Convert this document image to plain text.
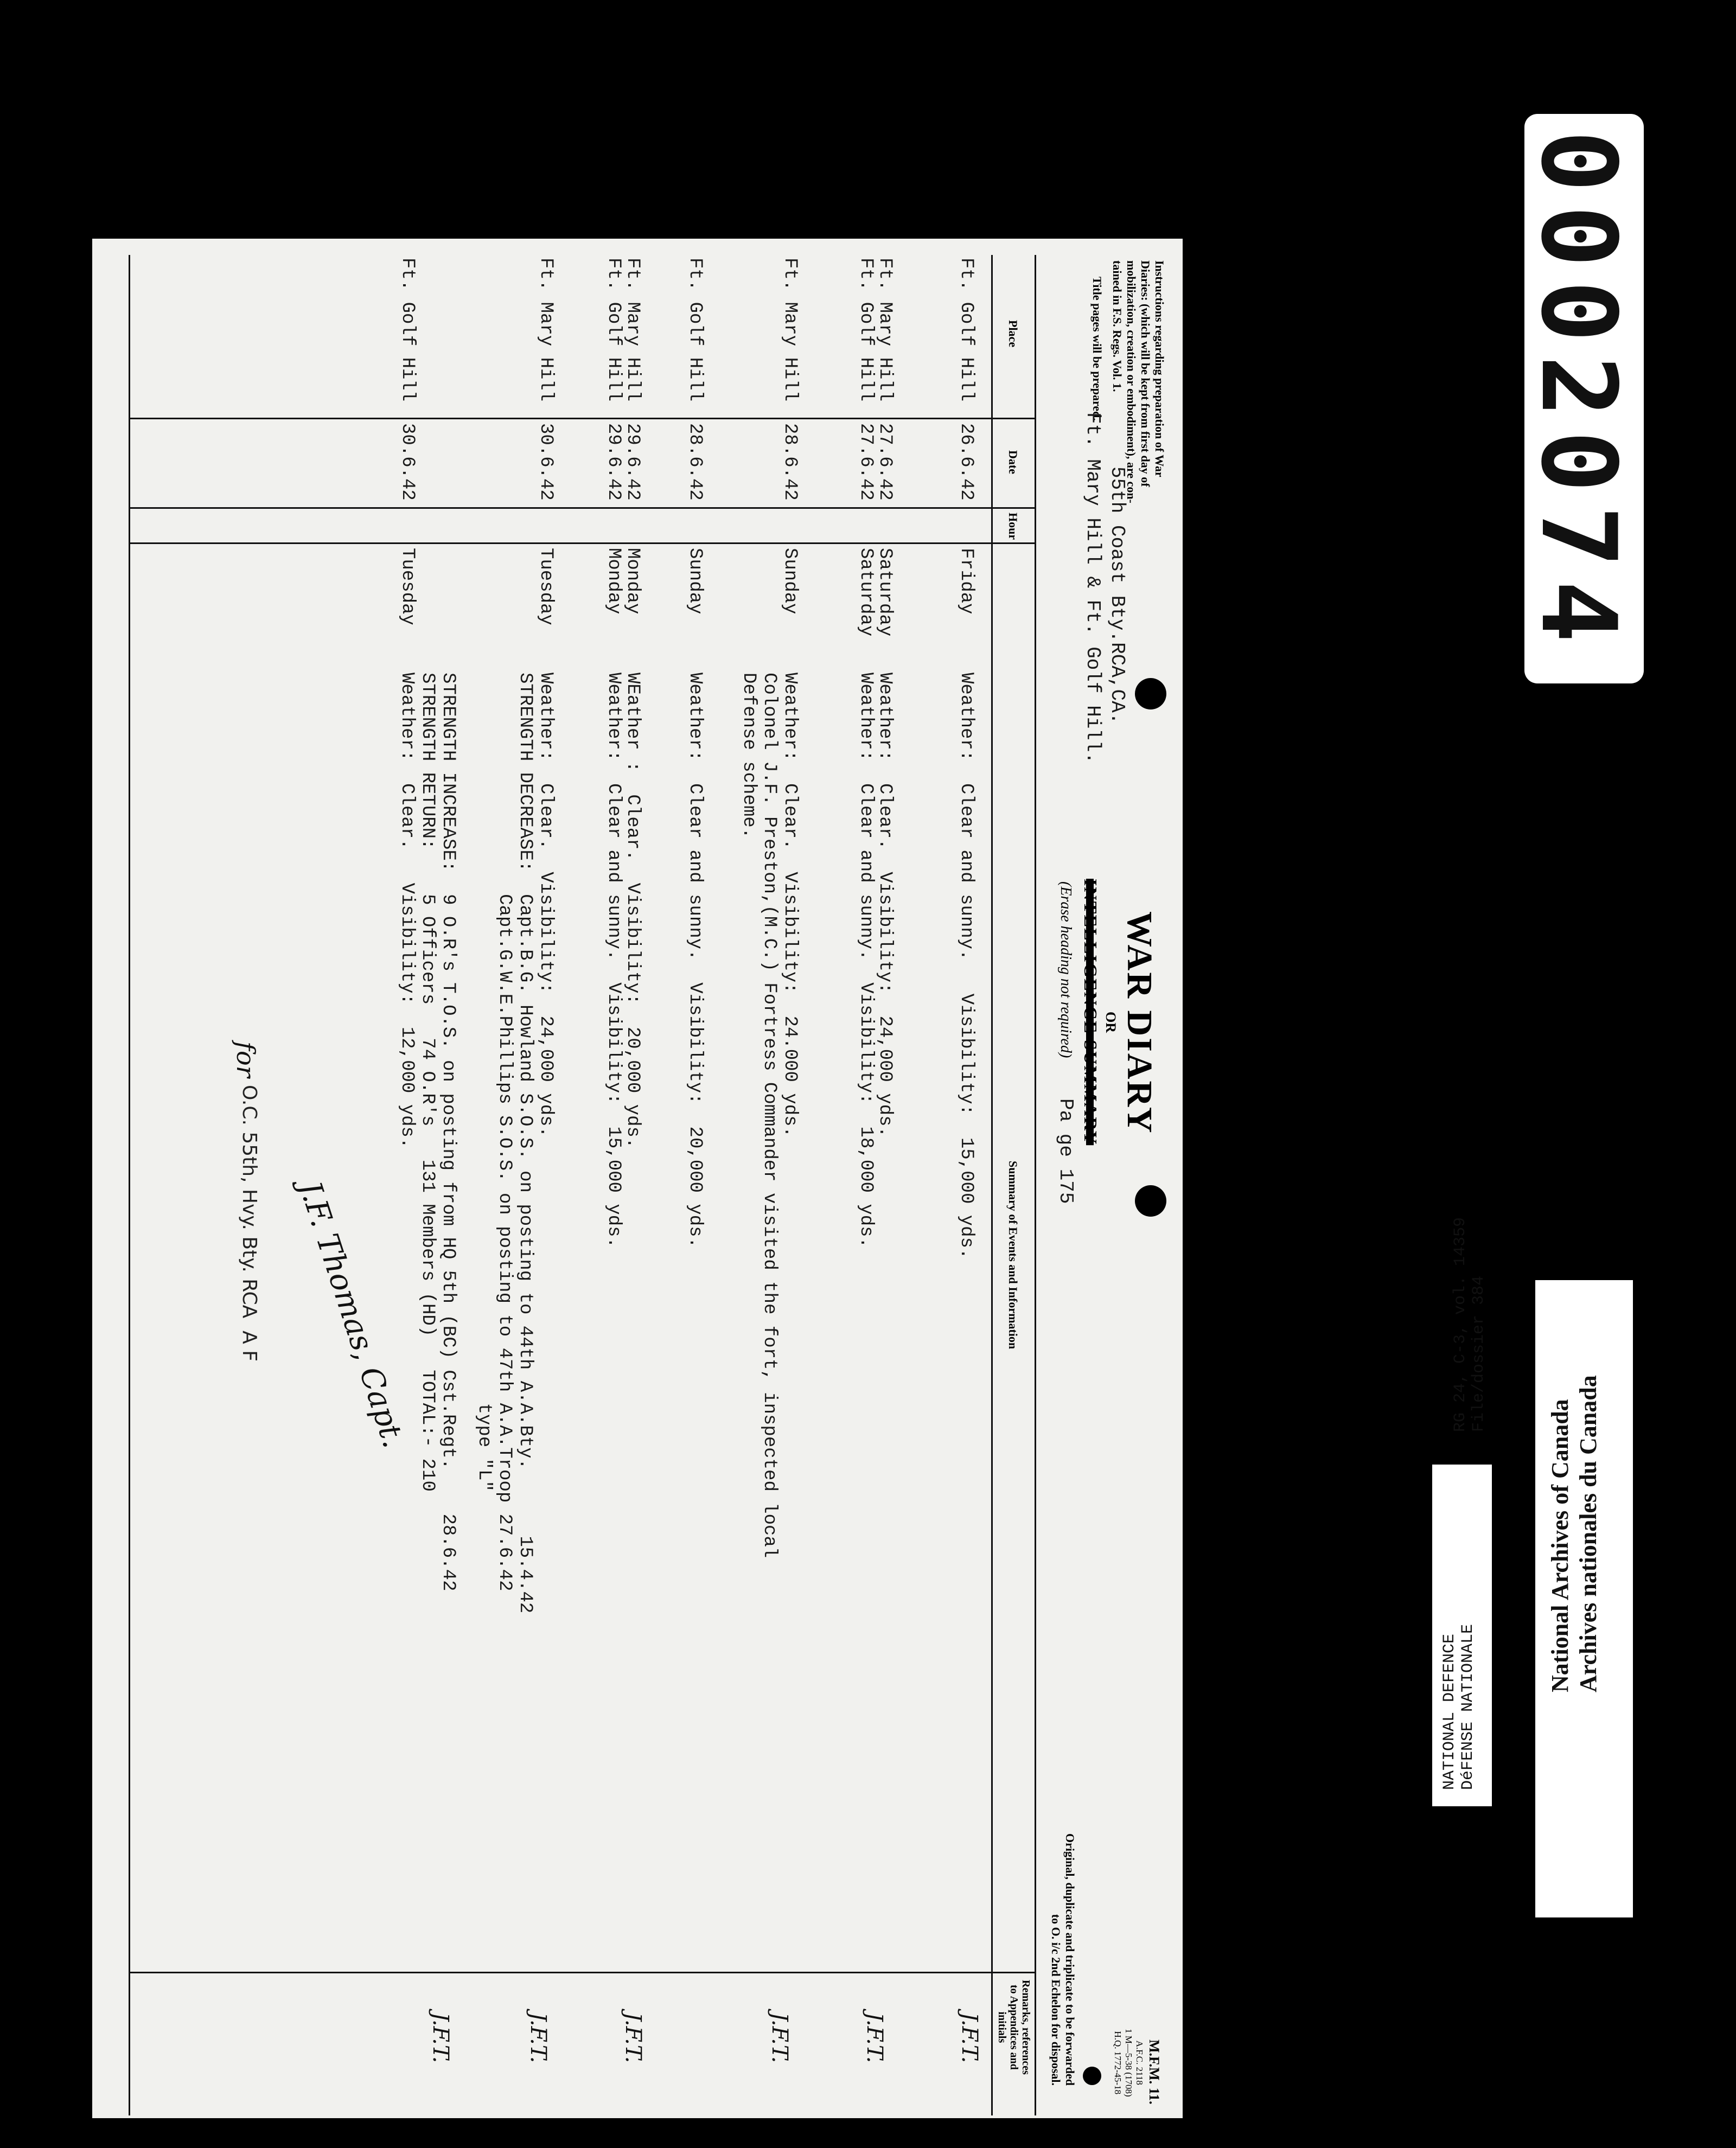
Instructions regarding preparation of War
Diaries: (which will be kept from first day of
mobilization, creation or embodiment), are con-
tained in F.S. Regs. Vol. 1.
Title pages will be prepared.
55th Coast Bty.RCA,CA.
Ft. Mary Hill & Ft. Golf Hill.
WAR DIARY
OR
INTELLIGENCE SUMMARY
(Erase heading not required)
Pa ge 175
M.F.M. 11.
A.F.C. 2118
1 M—5-38 (1708)
H.Q. 1772-45-18
Original, duplicate and triplicate to be forwarded
to O. i/c 2nd Echelon for disposal.
Place
Date
Hour
Summary of Events and Information
Remarks, references
to Appendices and
initials
Ft. Golf Hill
26.6.42
Friday
Weather:  Clear and sunny.   Visibility:  15,000 yds.
J.F.T.
Ft. Mary Hill
27.6.42
Saturday
Weather:  Clear.  Visibility:  24,000 yds.
Ft. Golf Hill
27.6.42
Saturday
Weather:  Clear and sunny.  Visibility:  18,000 yds.
J.F.T.
Ft. Mary Hill
28.6.42
Sunday
Weather:  Clear.  Visibility:  24.000 yds.
Colonel J.F. Preston,(M.C.) Fortress Commander visited the fort, inspected local
Defense scheme.
J.F.T.
Ft. Golf Hill
28.6.42
Sunday
Weather:  Clear and sunny.  Visibility:  20,000 yds.
Ft. Mary Hill
29.6.42
Monday
WEather :  Clear.  Visibility:  20,000 yds.
J.F.T.
Ft. Golf Hill
29.6.42
Monday
Weather:  Clear and sunny.  Visibility:  15,000 yds.
Ft. Mary Hill
30.6.42
Tuesday
Weather:  Clear.  Visibility:  24,000 yds.
STRENGTH DECREASE:  Capt.B.G. Howland S.O.S. on posting to 44th A.A.Bty.      15.4.42
Capt.G.W.E.Phillips S.O.S. on posting to 47th A.A.Troop 27.6.42
type "L"
J.F.T.
Ft. Golf Hill
30.6.42
Tuesday
STRENGTH INCREASE:  9 O.R's T.O.S. on posting from HQ 5th (BC) Cst.Regt.    28.6.42
STRENGTH RETURN:    5 Officers   74 O.R's   131 Members (HD)   TOTAL:- 210
Weather:  Clear.   Visibility:  12,000 yds.
J.F.T.
J.F. Thomas, Capt.
for
O.C. 55th, Hvy. Bty. RCA  A F
0002074
NATIONAL DEFENCE
DéFENSE NATIONALE
RG 24, C-3, vol. 14359
File/dossier 384
National Archives of Canada
Archives nationales du Canada
